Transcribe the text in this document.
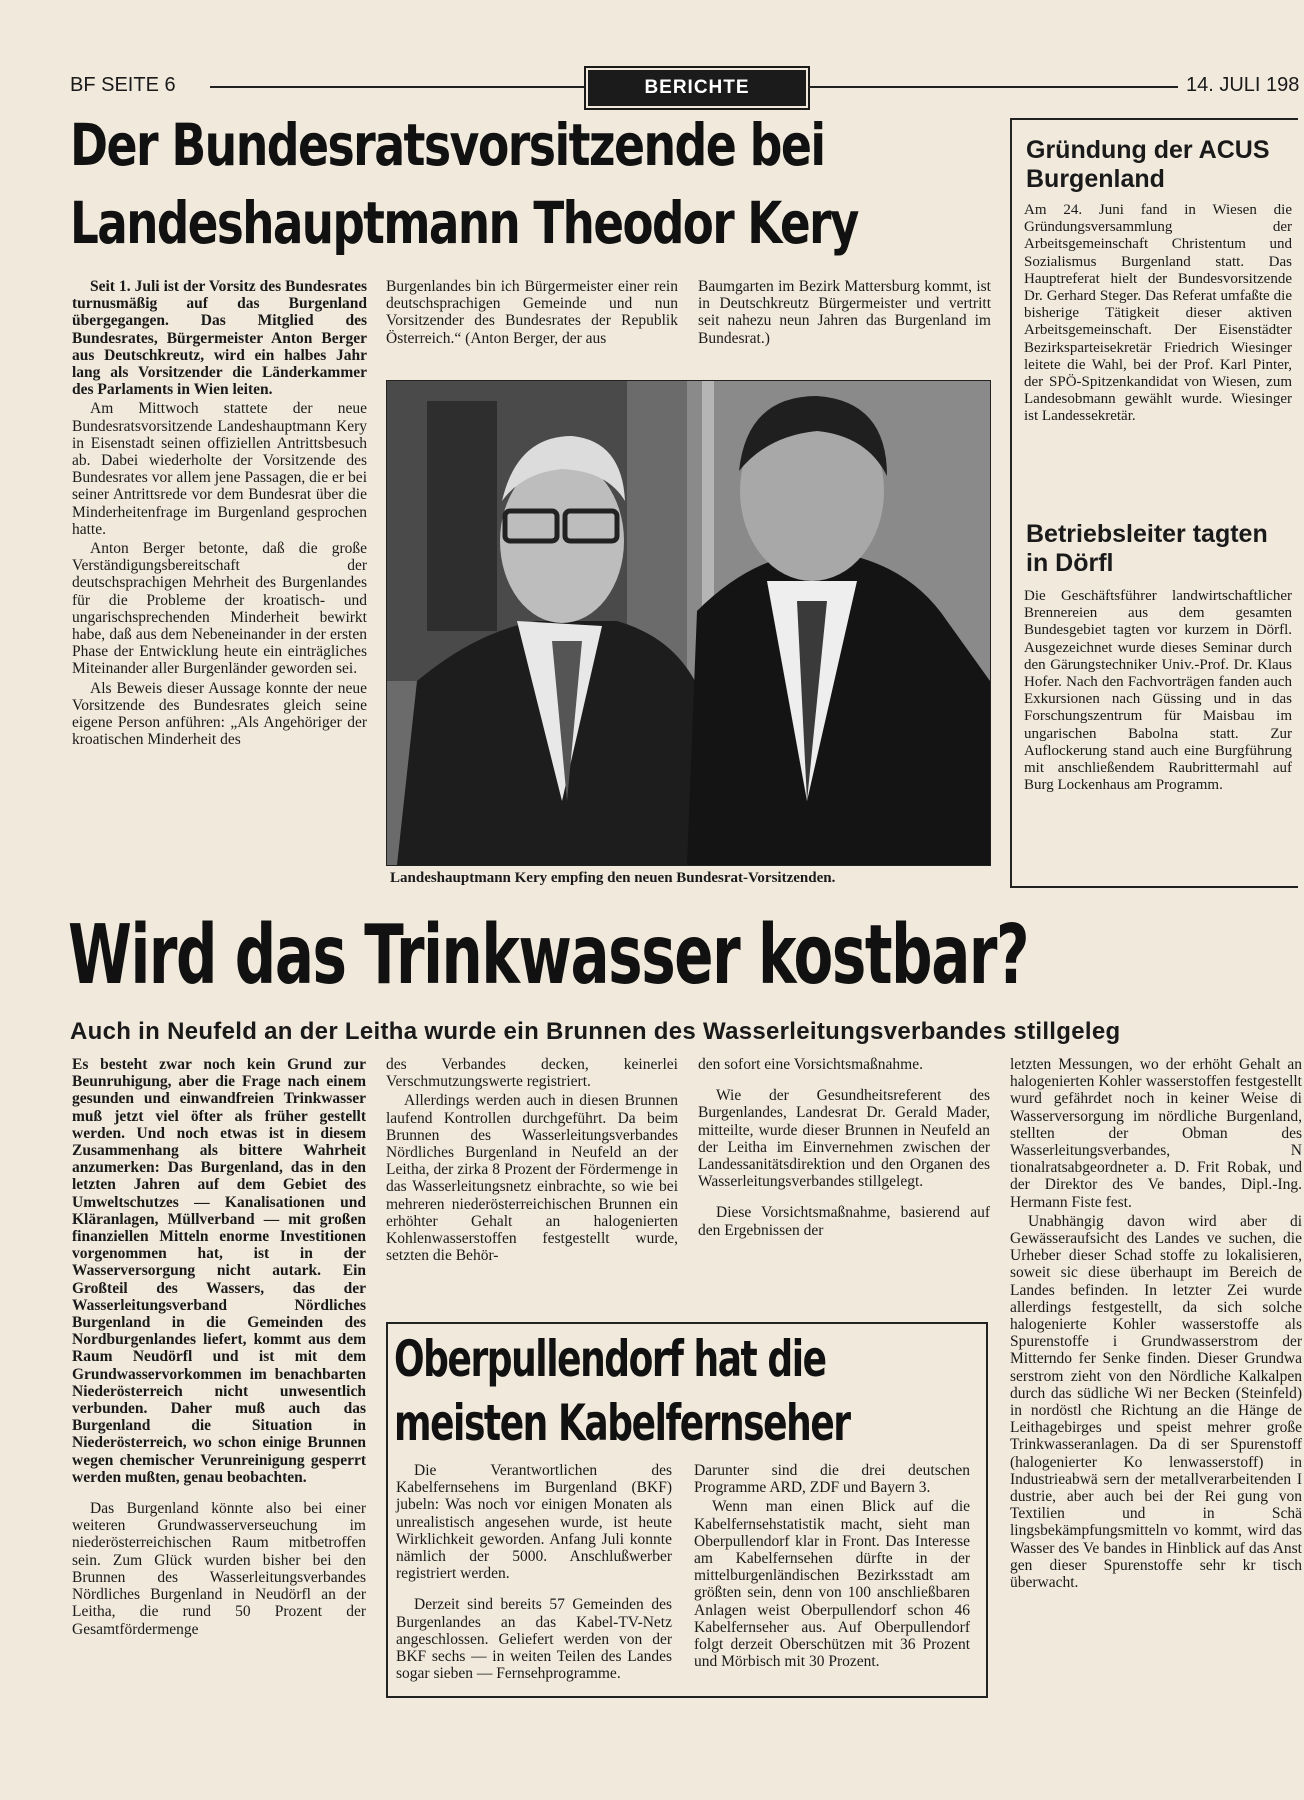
BF SEITE 6	BERICHTE	14. JULI 198
Der Bundesratsvorsitzende bei
Landeshauptmann Theodor Kery

Seit 1. Juli ist der Vorsitz des Bundesrates turnusmäßig auf das Burgenland übergegangen. Das Mitglied des Bundesrates, Bürgermeister Anton Berger aus Deutschkreutz, wird ein halbes Jahr lang als Vorsitzender die Länderkammer des Parlaments in Wien leiten.

Am Mittwoch stattete der neue Bundesratsvorsitzende Landeshauptmann Kery in Eisenstadt seinen offiziellen Antrittsbesuch ab. Dabei wiederholte der Vorsitzende des Bundesrates vor allem jene Passagen, die er bei seiner Antrittsrede vor dem Bundesrat über die Minderheitenfrage im Burgenland gesprochen hatte.

Anton Berger betonte, daß die große Verständigungsbereitschaft der deutschsprachigen Mehrheit des Burgenlandes für die Probleme der kroatisch- und ungarischsprechenden Minderheit bewirkt habe, daß aus dem Nebeneinander in der ersten Phase der Entwicklung heute ein einträgliches Miteinander aller Burgenländer geworden sei.

Als Beweis dieser Aussage konnte der neue Vorsitzende des Bundesrates gleich seine eigene Person anführen: „Als Angehöriger der kroatischen Minderheit des

Burgenlandes bin ich Bürgermeister einer rein deutschsprachigen Gemeinde und nun Vorsitzender des Bundesrates der Republik Österreich.“ (Anton Berger, der aus

Baumgarten im Bezirk Mattersburg kommt, ist in Deutschkreutz Bürgermeister und vertritt seit nahezu neun Jahren das Burgenland im Bundesrat.)

Landeshauptmann Kery empfing den neuen Bundesrat-Vorsitzenden.
Gründung der ACUS Burgenland
Am 24. Juni fand in Wiesen die Gründungsversammlung der Arbeitsgemeinschaft Christentum und Sozialismus Burgenland statt. Das Hauptreferat hielt der Bundesvorsitzende Dr. Gerhard Steger. Das Referat umfaßte die bisherige Tätigkeit dieser aktiven Arbeitsgemeinschaft. Der Eisenstädter Bezirksparteisekretär Friedrich Wiesinger leitete die Wahl, bei der Prof. Karl Pinter, der SPÖ-Spitzenkandidat von Wiesen, zum Landesobmann gewählt wurde. Wiesinger ist Landessekretär.
Betriebsleiter tagten in Dörfl
Die Geschäftsführer landwirtschaftlicher Brennereien aus dem gesamten Bundesgebiet tagten vor kurzem in Dörfl. Ausgezeichnet wurde dieses Seminar durch den Gärungstechniker Univ.-Prof. Dr. Klaus Hofer. Nach den Fachvorträgen fanden auch Exkursionen nach Güssing und in das Forschungszentrum für Maisbau im ungarischen Babolna statt. Zur Auflockerung stand auch eine Burgführung mit anschließendem Raubrittermahl auf Burg Lockenhaus am Programm.
Wird das Trinkwasser kostbar?
Auch in Neufeld an der Leitha wurde ein Brunnen des Wasserleitungsverbandes stillgeleg

Es besteht zwar noch kein Grund zur Beunruhigung, aber die Frage nach einem gesunden und einwandfreien Trinkwasser muß jetzt viel öfter als früher gestellt werden. Und noch etwas ist in diesem Zusammenhang als bittere Wahrheit anzumerken: Das Burgenland, das in den letzten Jahren auf dem Gebiet des Umweltschutzes — Kanalisationen und Kläranlagen, Müllverband — mit großen finanziellen Mitteln enorme Investitionen vorgenommen hat, ist in der Wasserversorgung nicht autark. Ein Großteil des Wassers, das der Wasserleitungsverband Nördliches Burgenland in die Gemeinden des Nordburgenlandes liefert, kommt aus dem Raum Neudörfl und ist mit dem Grundwasservorkommen im benachbarten Niederösterreich nicht unwesentlich verbunden. Daher muß auch das Burgenland die Situation in Niederösterreich, wo schon einige Brunnen wegen chemischer Verunreinigung gesperrt werden mußten, genau beobachten.

Das Burgenland könnte also bei einer weiteren Grundwasserverseuchung im niederösterreichischen Raum mitbetroffen sein. Zum Glück wurden bisher bei den Brunnen des Wasserleitungsverbandes Nördliches Burgenland in Neudörfl an der Leitha, die rund 50 Prozent der Gesamtfördermenge

des Verbandes decken, keinerlei Verschmutzungswerte registriert.

Allerdings werden auch in diesen Brunnen laufend Kontrollen durchgeführt. Da beim Brunnen des Wasserleitungsverbandes Nördliches Burgenland in Neufeld an der Leitha, der zirka 8 Prozent der Fördermenge in das Wasserleitungsnetz einbrachte, so wie bei mehreren niederösterreichischen Brunnen ein erhöhter Gehalt an halogenierten Kohlenwasserstoffen festgestellt wurde, setzten die Behör-

den sofort eine Vorsichtsmaßnahme.

Wie der Gesundheitsreferent des Burgenlandes, Landesrat Dr. Gerald Mader, mitteilte, wurde dieser Brunnen in Neufeld an der Leitha im Einvernehmen zwischen der Landessanitätsdirektion und den Organen des Wasserleitungsverbandes stillgelegt.

Diese Vorsichtsmaßnahme, basierend auf den Ergebnissen der

letzten Messungen, wo der erhöht Gehalt an halogenierten Kohler wasserstoffen festgestellt wurd gefährdet noch in keiner Weise di Wasserversorgung im nördliche Burgenland, stellten der Obman des Wasserleitungsverbandes, N tionalratsabgeordneter a. D. Frit Robak, und der Direktor des Ve bandes, Dipl.-Ing. Hermann Fiste fest.

Unabhängig davon wird aber di Gewässeraufsicht des Landes ve suchen, die Urheber dieser Schad stoffe zu lokalisieren, soweit sic diese überhaupt im Bereich de Landes befinden. In letzter Zei wurde allerdings festgestellt, da sich solche halogenierte Kohler wasserstoffe als Spurenstoffe i Grundwasserstrom der Mitterndo fer Senke finden. Dieser Grundwa serstrom zieht von den Nördliche Kalkalpen durch das südliche Wi ner Becken (Steinfeld) in nordöstl che Richtung an die Hänge de Leithagebirges und speist mehrer große Trinkwasseranlagen. Da di ser Spurenstoff (halogenierter Ko lenwasserstoff) in Industrieabwä sern der metallverarbeitenden I dustrie, aber auch bei der Rei gung von Textilien und in Schä lingsbekämpfungsmitteln vo kommt, wird das Wasser des Ve bandes in Hinblick auf das Anst gen dieser Spurenstoffe sehr kr tisch überwacht.

Oberpullendorf hat die
meisten Kabelfernseher

Die Verantwortlichen des Kabelfernsehens im Burgenland (BKF) jubeln: Was noch vor einigen Monaten als unrealistisch angesehen wurde, ist heute Wirklichkeit geworden. Anfang Juli konnte nämlich der 5000. Anschlußwerber registriert werden.

Derzeit sind bereits 57 Gemeinden des Burgenlandes an das Kabel-TV-Netz angeschlossen. Geliefert werden von der BKF sechs — in weiten Teilen des Landes sogar sieben — Fernsehprogramme.

Darunter sind die drei deutschen Programme ARD, ZDF und Bayern 3.

Wenn man einen Blick auf die Kabelfernsehstatistik macht, sieht man Oberpullendorf klar in Front. Das Interesse am Kabelfernsehen dürfte in der mittelburgenländischen Bezirksstadt am größten sein, denn von 100 anschließbaren Anlagen weist Oberpullendorf schon 46 Kabelfernseher aus. Auf Oberpullendorf folgt derzeit Oberschützen mit 36 Prozent und Mörbisch mit 30 Prozent.
